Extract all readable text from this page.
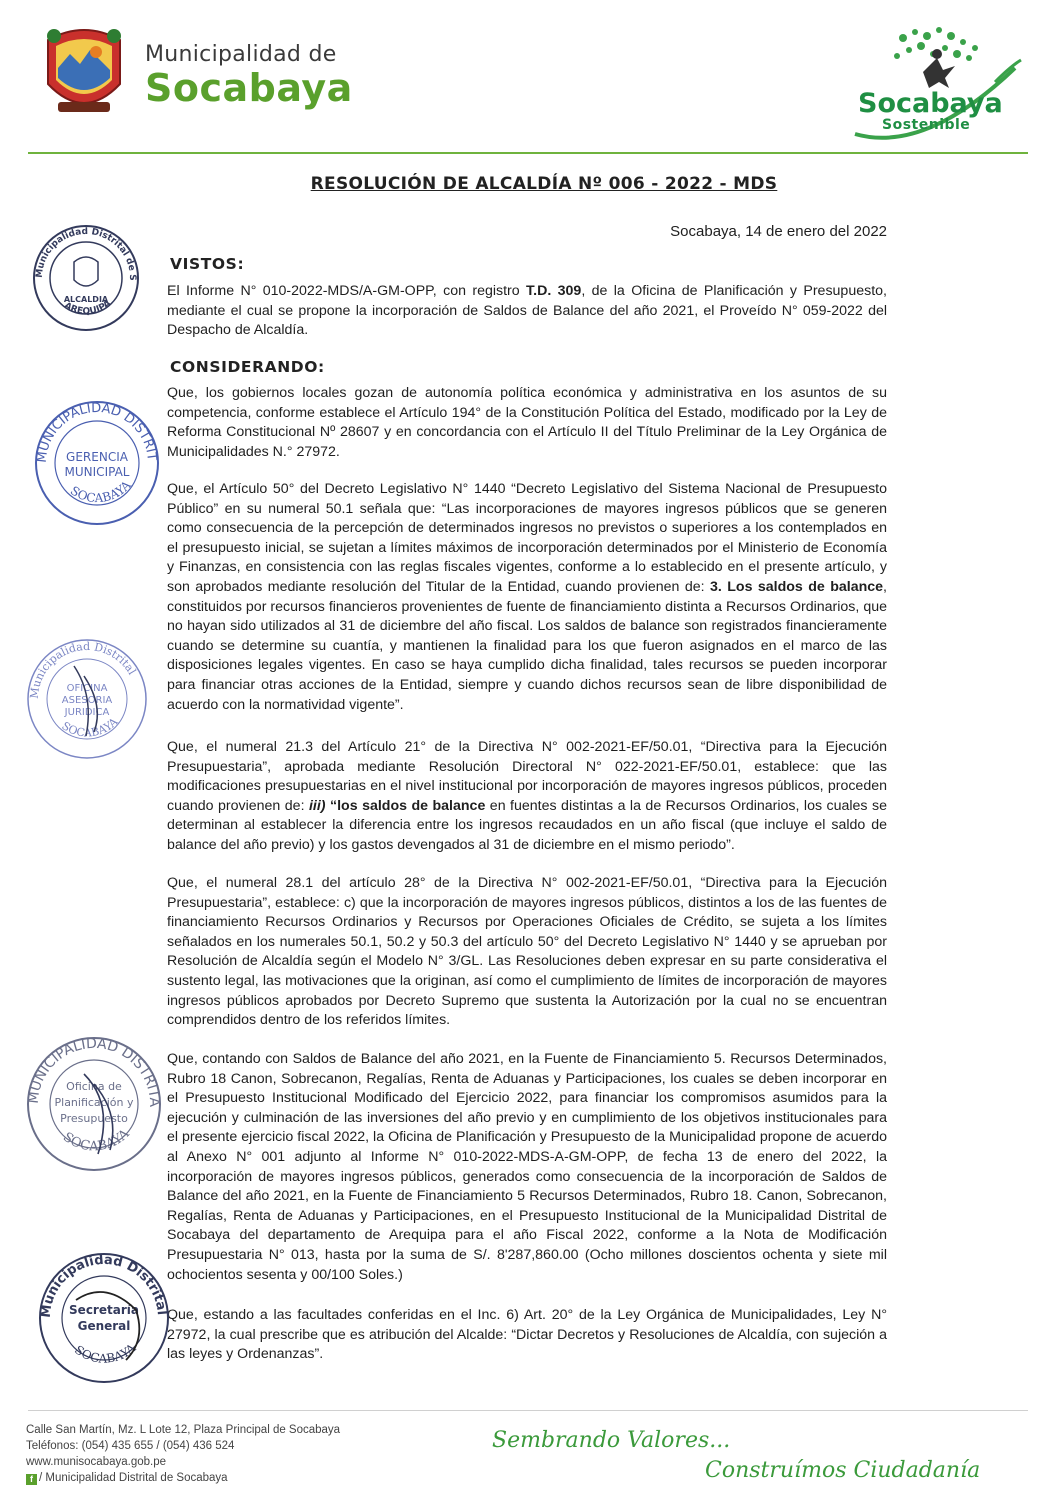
Municipalidad de
Socabaya	Socabaya
Sostenible
RESOLUCIÓN DE ALCALDÍA Nº 006 - 2022 - MDS
Socabaya, 14 de enero del 2022
VISTOS:
El Informe N° 010-2022-MDS/A-GM-OPP, con registro T.D. 309, de la Oficina de Planificación y Presupuesto, mediante el cual se propone la incorporación de Saldos de Balance del año 2021, el Proveído N° 059-2022 del Despacho de Alcaldía.
CONSIDERANDO:
Que, los gobiernos locales gozan de autonomía política económica y administrativa en los asuntos de su competencia, conforme establece el Artículo 194° de la Constitución Política del Estado, modificado por la Ley de Reforma Constitucional Nº 28607 y en concordancia con el Artículo II del Título Preliminar de la Ley Orgánica de Municipalidades N.° 27972.
Que, el Artículo 50° del Decreto Legislativo N° 1440 “Decreto Legislativo del Sistema Nacional de Presupuesto Público” en su numeral 50.1 señala que: “Las incorporaciones de mayores ingresos públicos que se generen como consecuencia de la percepción de determinados ingresos no previstos o superiores a los contemplados en el presupuesto inicial, se sujetan a límites máximos de incorporación determinados por el Ministerio de Economía y Finanzas, en consistencia con las reglas fiscales vigentes, conforme a lo establecido en el presente artículo, y son aprobados mediante resolución del Titular de la Entidad, cuando provienen de: 3. Los saldos de balance, constituidos por recursos financieros provenientes de fuente de financiamiento distinta a Recursos Ordinarios, que no hayan sido utilizados al 31 de diciembre del año fiscal. Los saldos de balance son registrados financieramente cuando se determine su cuantía, y mantienen la finalidad para los que fueron asignados en el marco de las disposiciones legales vigentes. En caso se haya cumplido dicha finalidad, tales recursos se pueden incorporar para financiar otras acciones de la Entidad, siempre y cuando dichos recursos sean de libre disponibilidad de acuerdo con la normatividad vigente”.
Que, el numeral 21.3 del Artículo 21° de la Directiva N° 002-2021-EF/50.01, “Directiva para la Ejecución Presupuestaria”, aprobada mediante Resolución Directoral N° 022-2021-EF/50.01, establece: que las modificaciones presupuestarias en el nivel institucional por incorporación de mayores ingresos públicos, proceden cuando provienen de: iii) “los saldos de balance en fuentes distintas a la de Recursos Ordinarios, los cuales se determinan al establecer la diferencia entre los ingresos recaudados en un año fiscal (que incluye el saldo de balance del año previo) y los gastos devengados al 31 de diciembre en el mismo periodo”.
Que, el numeral 28.1 del artículo 28° de la Directiva N° 002-2021-EF/50.01, “Directiva para la Ejecución Presupuestaria”, establece: c) que la incorporación de mayores ingresos públicos, distintos a los de las fuentes de financiamiento Recursos Ordinarios y Recursos por Operaciones Oficiales de Crédito, se sujeta a los límites señalados en los numerales 50.1, 50.2 y 50.3 del artículo 50° del Decreto Legislativo N° 1440 y se aprueban por Resolución de Alcaldía según el Modelo N° 3/GL. Las Resoluciones deben expresar en su parte considerativa el sustento legal, las motivaciones que la originan, así como el cumplimiento de límites de incorporación de mayores ingresos públicos aprobados por Decreto Supremo que sustenta la Autorización por la cual no se encuentran comprendidos dentro de los referidos límites.
Que, contando con Saldos de Balance del año 2021, en la Fuente de Financiamiento 5. Recursos Determinados, Rubro 18 Canon, Sobrecanon, Regalías, Renta de Aduanas y Participaciones, los cuales se deben incorporar en el Presupuesto Institucional Modificado del Ejercicio 2022, para financiar los compromisos asumidos para la ejecución y culminación de las inversiones del año previo y en cumplimiento de los objetivos institucionales para el presente ejercicio fiscal 2022, la Oficina de Planificación y Presupuesto de la Municipalidad propone de acuerdo al Anexo N° 001 adjunto al Informe N° 010-2022-MDS-A-GM-OPP, de fecha 13 de enero del 2022, la incorporación de mayores ingresos públicos, generados como consecuencia de la incorporación de Saldos de Balance del año 2021, en la Fuente de Financiamiento 5 Recursos Determinados, Rubro 18. Canon, Sobrecanon, Regalías, Renta de Aduanas y Participaciones, en el Presupuesto Institucional de la Municipalidad Distrital de Socabaya del departamento de Arequipa para el año Fiscal 2022, conforme a la Nota de Modificación Presupuestaria N° 013, hasta por la suma de S/. 8'287,860.00 (Ocho millones doscientos ochenta y siete mil ochocientos sesenta y 00/100 Soles.)
Que, estando a las facultades conferidas en el Inc. 6) Art. 20° de la Ley Orgánica de Municipalidades, Ley N° 27972, la cual prescribe que es atribución del Alcalde: “Dictar Decretos y Resoluciones de Alcaldía, con sujeción a las leyes y Ordenanzas”.
Municipalidad Distrital de Socabaya
AREQUIPA
ALCALDIA
MUNICIPALIDAD DISTRITAL
SOCABAYA
GERENCIA
MUNICIPAL
Municipalidad Distrital
SOCABAYA
OFICINA
ASESORIA
JURIDICA
MUNICIPALIDAD DISTRITAL
SOCABAYA
Oficina de
Planificación y
Presupuesto
Municipalidad Distrital de
SOCABAYA
Secretaría
General
Calle San Martín, Mz. L Lote 12, Plaza Principal de Socabaya
Teléfonos: (054) 435 655 / (054) 436 524
www.munisocabaya.gob.pe
f / Municipalidad Distrital de Socabaya
Sembrando Valores...
Construímos Ciudadanía
